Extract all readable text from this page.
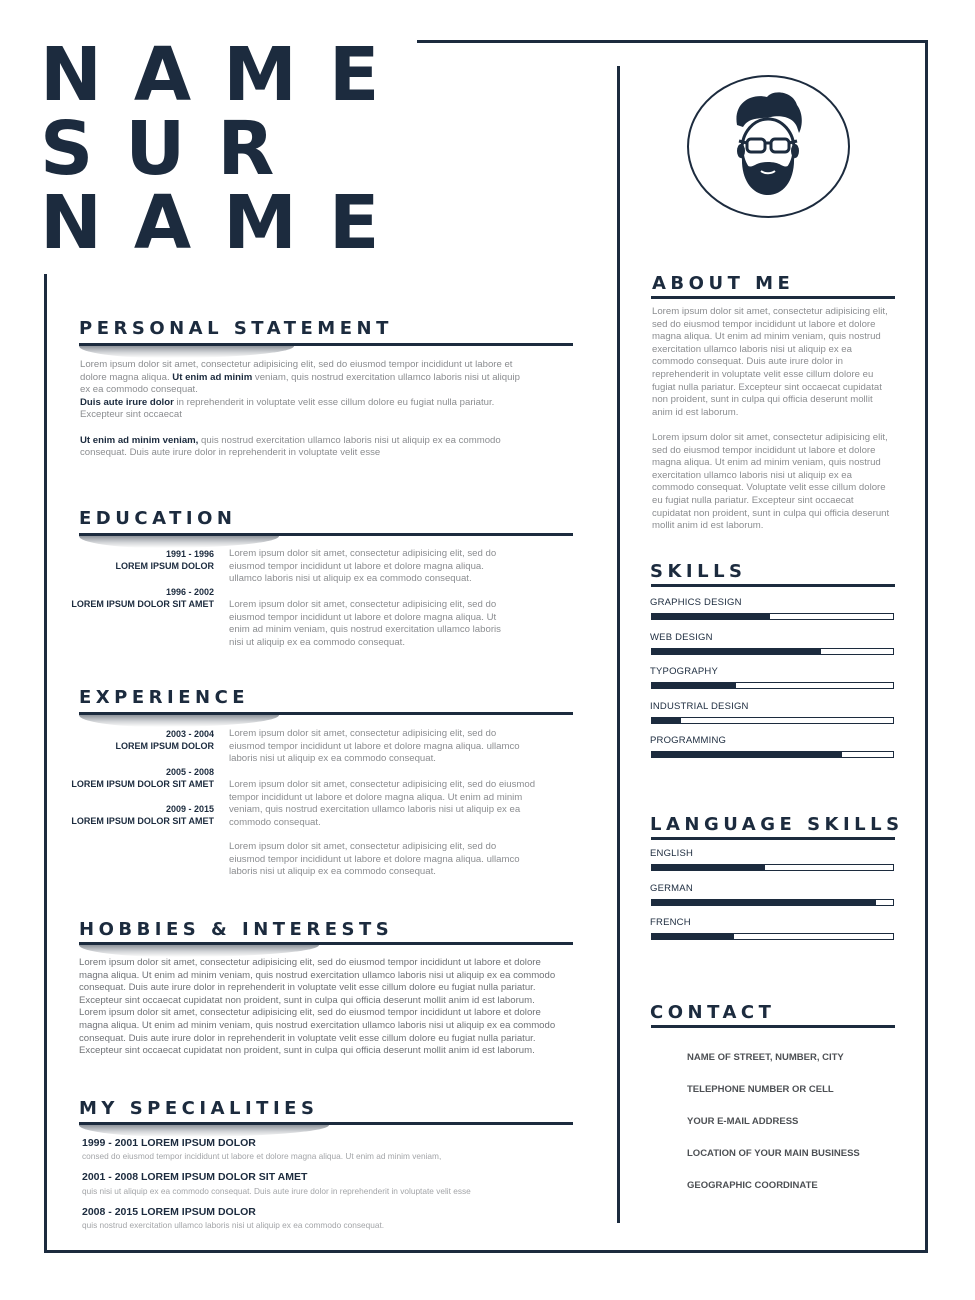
NAME
SUR
NAME
PERSONAL STATEMENT
Lorem ipsum dolor sit amet, consectetur adipisicing elit, sed do eiusmod tempor incididunt ut labore et dolore magna aliqua. Ut enim ad minim veniam, quis nostrud exercitation ullamco laboris nisi ut aliquip ex ea commodo consequat.
Duis aute irure dolor in reprehenderit in voluptate velit esse cillum dolore eu fugiat nulla pariatur. Excepteur sint occaecat

Ut enim ad minim veniam, quis nostrud exercitation ullamco laboris nisi ut aliquip ex ea commodo consequat. Duis aute irure dolor in reprehenderit in voluptate velit esse
EDUCATION
1991 - 1996
LOREM IPSUM DOLOR
Lorem ipsum dolor sit amet, consectetur adipisicing elit, sed do eiusmod tempor incididunt ut labore et dolore magna aliqua. ullamco laboris nisi ut aliquip ex ea commodo consequat.
1996 - 2002
LOREM IPSUM DOLOR SIT AMET Lorem ipsum dolor sit amet, consectetur adipisicing elit, sed do eiusmod tempor incididunt ut labore et dolore magna aliqua. Ut enim ad minim veniam, quis nostrud exercitation ullamco laboris nisi ut aliquip ex ea commodo consequat.
EXPERIENCE
2003 - 2004
LOREM IPSUM DOLOR
Lorem ipsum dolor sit amet, consectetur adipisicing elit, sed do eiusmod tempor incididunt ut labore et dolore magna aliqua. ullamco laboris nisi ut aliquip ex ea commodo consequat.
2005 - 2008
LOREM IPSUM DOLOR SIT AMET Lorem ipsum dolor sit amet, consectetur adipisicing elit, sed do eiusmod tempor incididunt ut labore et dolore magna aliqua. Ut enim ad minim veniam, quis nostrud exercitation ullamco laboris nisi ut aliquip ex ea commodo consequat.
2009 - 2015
LOREM IPSUM DOLOR SIT AMET
Lorem ipsum dolor sit amet, consectetur adipisicing elit, sed do eiusmod tempor incididunt ut labore et dolore magna aliqua. ullamco laboris nisi ut aliquip ex ea commodo consequat.
HOBBIES & INTERESTS
Lorem ipsum dolor sit amet, consectetur adipisicing elit, sed do eiusmod tempor incididunt ut labore et dolore magna aliqua. Ut enim ad minim veniam, quis nostrud exercitation ullamco laboris nisi ut aliquip ex ea commodo consequat. Duis aute irure dolor in reprehenderit in voluptate velit esse cillum dolore eu fugiat nulla pariatur. Excepteur sint occaecat cupidatat non proident, sunt in culpa qui officia deserunt mollit anim id est laborum.
Lorem ipsum dolor sit amet, consectetur adipisicing elit, sed do eiusmod tempor incididunt ut labore et dolore magna aliqua. Ut enim ad minim veniam, quis nostrud exercitation ullamco laboris nisi ut aliquip ex ea commodo consequat. Duis aute irure dolor in reprehenderit in voluptate velit esse cillum dolore eu fugiat nulla pariatur. Excepteur sint occaecat cupidatat non proident, sunt in culpa qui officia deserunt mollit anim id est laborum.
MY SPECIALITIES
1999 - 2001 LOREM IPSUM DOLOR
consed do eiusmod tempor incididunt ut labore et dolore magna aliqua. Ut enim ad minim veniam,
2001 - 2008 LOREM IPSUM DOLOR SIT AMET
quis nisi ut aliquip ex ea commodo consequat. Duis aute irure dolor in reprehenderit in voluptate velit esse
2008 - 2015 LOREM IPSUM DOLOR
quis nostrud exercitation ullamco laboris nisi ut aliquip ex ea commodo consequat.
ABOUT ME
Lorem ipsum dolor sit amet, consectetur adipisicing elit, sed do eiusmod tempor incididunt ut labore et dolore magna aliqua. Ut enim ad minim veniam, quis nostrud exercitation ullamco laboris nisi ut aliquip ex ea commodo consequat. Duis aute irure dolor in reprehenderit in voluptate velit esse cillum dolore eu fugiat nulla pariatur. Excepteur sint occaecat cupidatat non proident, sunt in culpa qui officia deserunt mollit anim id est laborum.

Lorem ipsum dolor sit amet, consectetur adipisicing elit, sed do eiusmod tempor incididunt ut labore et dolore magna aliqua. Ut enim ad minim veniam, quis nostrud exercitation ullamco laboris nisi ut aliquip ex ea commodo consequat. Voluptate velit esse cillum dolore eu fugiat nulla pariatur. Excepteur sint occaecat cupidatat non proident, sunt in culpa qui officia deserunt mollit anim id est laborum.
SKILLS
GRAPHICS DESIGN
WEB DESIGN
TYPOGRAPHY
INDUSTRIAL DESIGN
PROGRAMMING
LANGUAGE SKILLS
ENGLISH
GERMAN
FRENCH
CONTACT
NAME OF STREET, NUMBER, CITY
TELEPHONE NUMBER OR CELL
YOUR E-MAIL ADDRESS
LOCATION OF YOUR MAIN BUSINESS
GEOGRAPHIC COORDINATE
